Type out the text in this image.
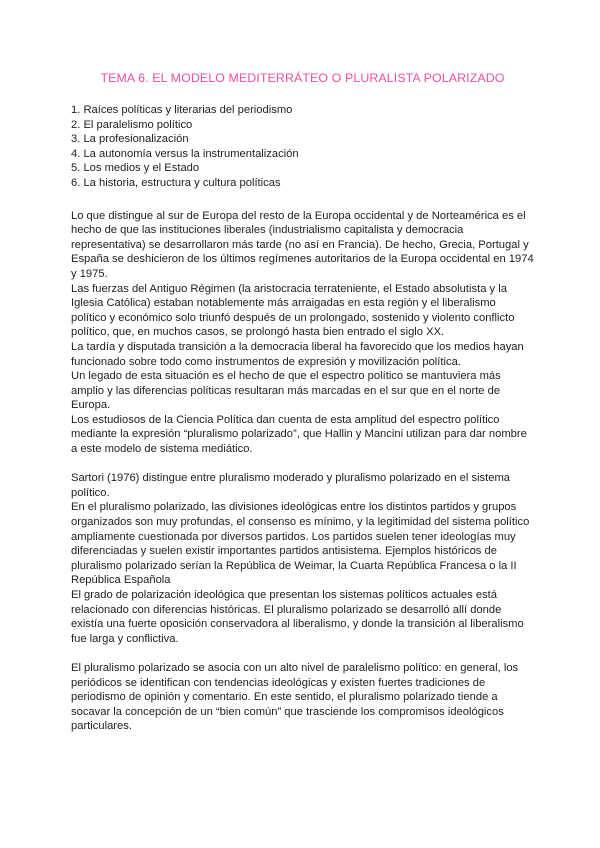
TEMA 6. EL MODELO MEDITERRÁTEO O PLURALISTA POLARIZADO
1. Raíces políticas y literarias del periodismo
2. El paralelismo político
3. La profesionalización
4. La autonomía versus la instrumentalización
5. Los medios y el Estado
6. La historia, estructura y cultura políticas

Lo que distingue al sur de Europa del resto de la Europa occidental y de Norteamérica es el hecho de que las instituciones liberales (industrialismo capitalista y democracia representativa) se desarrollaron más tarde (no así en Francia). De hecho, Grecia, Portugal y España se deshicieron de los últimos regímenes autoritarios de la Europa occidental en 1974 y 1975.

Las fuerzas del Antiguo Régimen (la aristocracia terrateniente, el Estado absolutista y la Iglesia Católica) estaban notablemente más arraigadas en esta región y el liberalismo político y económico solo triunfó después de un prolongado, sostenido y violento conflicto político, que, en muchos casos, se prolongó hasta bien entrado el siglo XX.

La tardía y disputada transición a la democracia liberal ha favorecido que los medios hayan funcionado sobre todo como instrumentos de expresión y movilización política.

Un legado de esta situación es el hecho de que el espectro político se mantuviera más amplio y las diferencias políticas resultaran más marcadas en el sur que en el norte de Europa.

Los estudiosos de la Ciencia Política dan cuenta de esta amplitud del espectro político mediante la expresión “pluralismo polarizado”, que Hallin y Mancini utilizan para dar nombre a este modelo de sistema mediático.

Sartori (1976) distingue entre pluralismo moderado y pluralismo polarizado en el sistema político.

En el pluralismo polarizado, las divisiones ideológicas entre los distintos partidos y grupos organizados son muy profundas, el consenso es mínimo, y la legitimidad del sistema político ampliamente cuestionada por diversos partidos. Los partidos suelen tener ideologías muy diferenciadas y suelen existir importantes partidos antisistema. Ejemplos históricos de pluralismo polarizado serían la República de Weimar, la Cuarta República Francesa o la II República Española

El grado de polarización ideológica que presentan los sistemas políticos actuales está relacionado con diferencias históricas. El pluralismo polarizado se desarrolló allí donde existía una fuerte oposición conservadora al liberalismo, y donde la transición al liberalismo fue larga y conflictiva.

El pluralismo polarizado se asocia con un alto nivel de paralelismo político: en general, los periódicos se identifican con tendencias ideológicas y existen fuertes tradiciones de periodismo de opinión y comentario. En este sentido, el pluralismo polarizado tiende a socavar la concepción de un “bien común” que trasciende los compromisos ideológicos particulares.
